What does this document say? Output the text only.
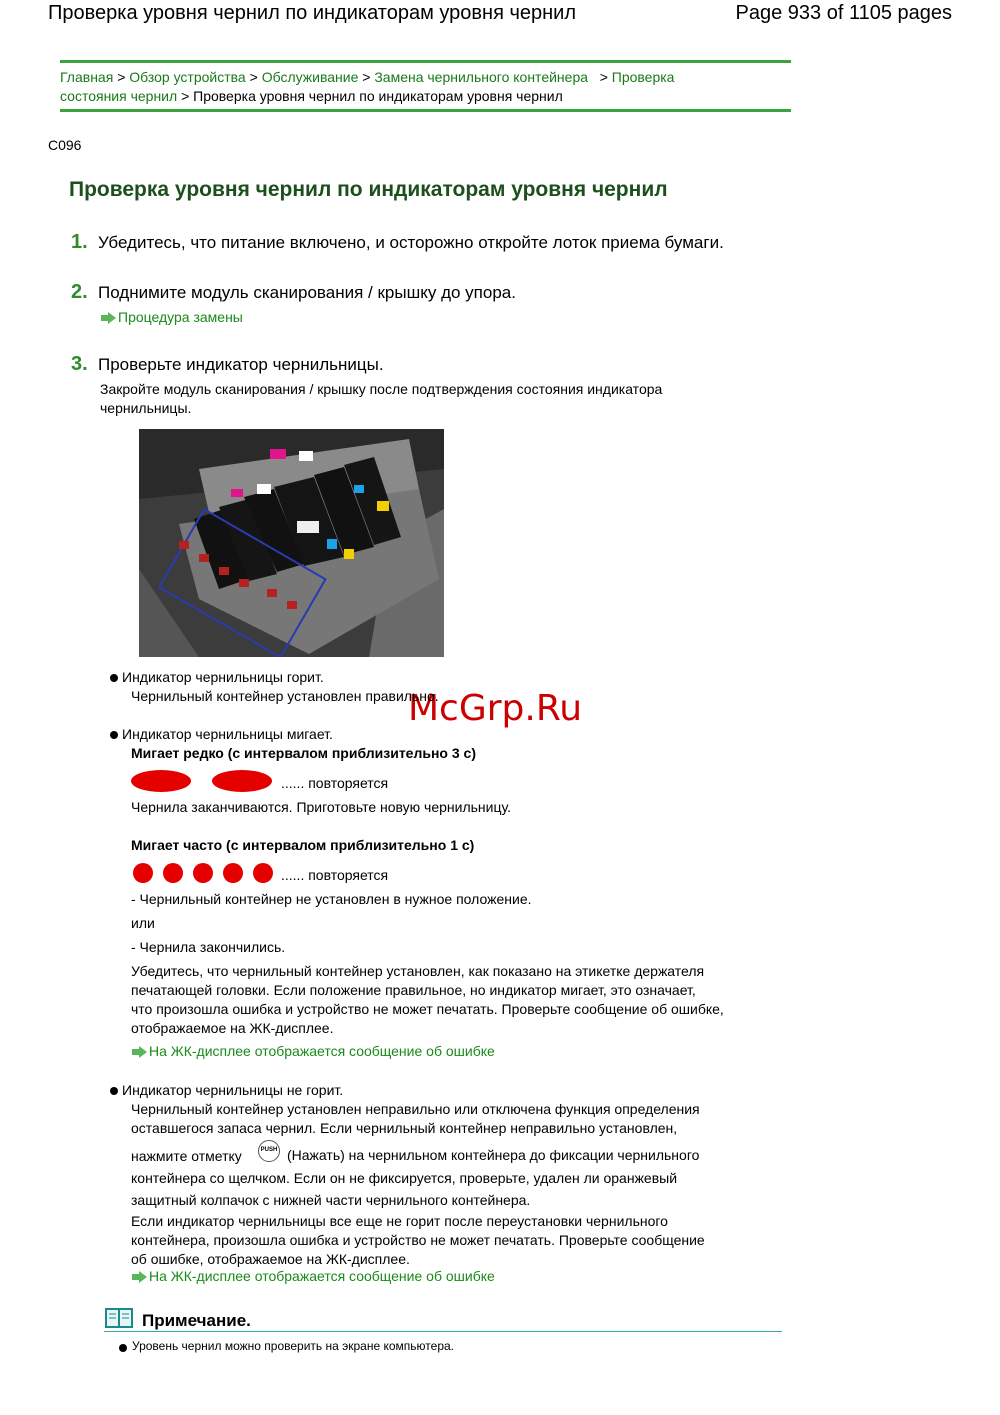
Проверка уровня чернил по индикаторам уровня чернил	Page 933 of 1105 pages
Главная > Обзор устройства > Обслуживание > Замена чернильного контейнера > Проверка
состояния чернил > Проверка уровня чернил по индикаторам уровня чернил
C096
Проверка уровня чернил по индикаторам уровня чернил
1. Убедитесь, что питание включено, и осторожно откройте лоток приема бумаги.
2. Поднимите модуль сканирования / крышку до упора.
Процедура замены
3. Проверьте индикатор чернильницы.
Закройте модуль сканирования / крышку после подтверждения состояния индикатора
чернильницы.
McGrp.Ru
Индикатор чернильницы горит.
Чернильный контейнер установлен правильно.
Индикатор чернильницы мигает.
Мигает редко (с интервалом приблизительно 3 с)
...... повторяется
Чернила заканчиваются. Приготовьте новую чернильницу.
Мигает часто (с интервалом приблизительно 1 с)
...... повторяется
- Чернильный контейнер не установлен в нужное положение.
или
- Чернила закончились.
Убедитесь, что чернильный контейнер установлен, как показано на этикетке держателя
печатающей головки. Если положение правильное, но индикатор мигает, это означает,
что произошла ошибка и устройство не может печатать. Проверьте сообщение об ошибке,
отображаемое на ЖК-дисплее.
На ЖК-дисплее отображается сообщение об ошибке
Индикатор чернильницы не горит.
Чернильный контейнер установлен неправильно или отключена функция определения
оставшегося запаса чернил. Если чернильный контейнер неправильно установлен,
нажмите отметку	PUSH (Нажать) на чернильном контейнера до фиксации чернильного
контейнера со щелчком. Если он не фиксируется, проверьте, удален ли оранжевый
защитный колпачок с нижней части чернильного контейнера.
Если индикатор чернильницы все еще не горит после переустановки чернильного
контейнера, произошла ошибка и устройство не может печатать. Проверьте сообщение
об ошибке, отображаемое на ЖК-дисплее.
На ЖК-дисплее отображается сообщение об ошибке
Примечание.
Уровень чернил можно проверить на экране компьютера.
